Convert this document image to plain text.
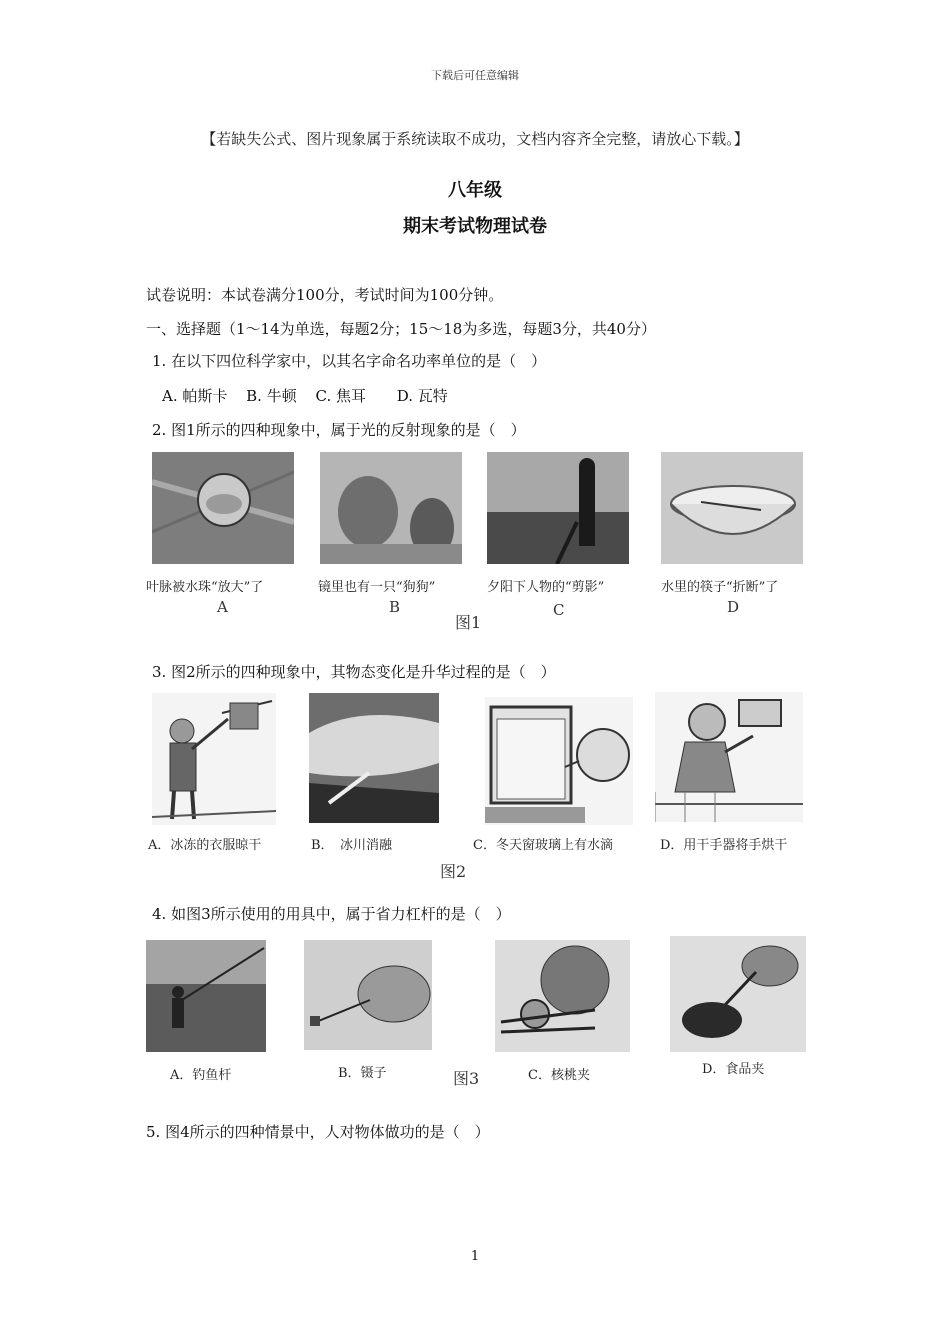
下载后可任意编辑
【若缺失公式、图片现象属于系统读取不成功，文档内容齐全完整，请放心下载。】
八年级
期末考试物理试卷
试卷说明：本试卷满分100分，考试时间为100分钟。
一、选择题（1～14为单选，每题2分；15～18为多选，每题3分，共40分）
1. 在以下四位科学家中，以其名字命名功率单位的是（　）
A. 帕斯卡 B. 牛顿 C. 焦耳 D. 瓦特
2. 图1所示的四种现象中，属于光的反射现象的是（　）
叶脉被水珠“放大”了	镜里也有一只“狗狗”	夕阳下人物的“剪影”	水里的筷子“折断”了
A	B	C	D
图1
3. 图2所示的四种现象中，其物态变化是升华过程的是（　）
A．冰冻的衣服晾干	B．　冰川消融	C．冬天窗玻璃上有水滴	D．用干手器将手烘干
图2
4. 如图3所示使用的用具中，属于省力杠杆的是（　）
A．钓鱼杆	B．镊子	图3	C．核桃夹	D．食品夹
5. 图4所示的四种情景中，人对物体做功的是（　）
1
